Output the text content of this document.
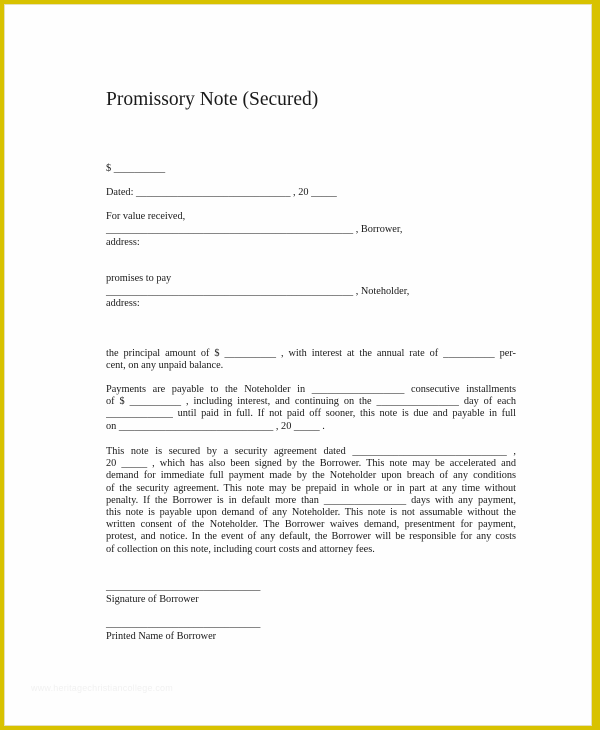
Promissory Note (Secured)
$ __________
Dated: ______________________________ , 20 _____
For value received,
________________________________________________ , Borrower,
address:
promises to pay
________________________________________________ , Noteholder,
address:
the principal amount of $ __________ , with interest at the annual rate of __________ per-
cent, on any unpaid balance.
Payments are payable to the Noteholder in __________________ consecutive installments
of $ __________ , including interest, and continuing on the ________________ day of each
_____________ until paid in full. If not paid off sooner, this note is due and payable in full
on ______________________________ , 20 _____ .
This note is secured by a security agreement dated ______________________________ ,
20 _____ , which has also been signed by the Borrower. This note may be accelerated and
demand for immediate full payment made by the Noteholder upon breach of any conditions
of the security agreement. This note may be prepaid in whole or in part at any time without
penalty. If the Borrower is in default more than ________________ days with any payment,
this note is payable upon demand of any Noteholder. This note is not assumable without the
written consent of the Noteholder. The Borrower waives demand, presentment for payment,
protest, and notice. In the event of any default, the Borrower will be responsible for any costs
of collection on this note, including court costs and attorney fees.
______________________________
Signature of Borrower
______________________________
Printed Name of Borrower
www.heritagechristiancollege.com
